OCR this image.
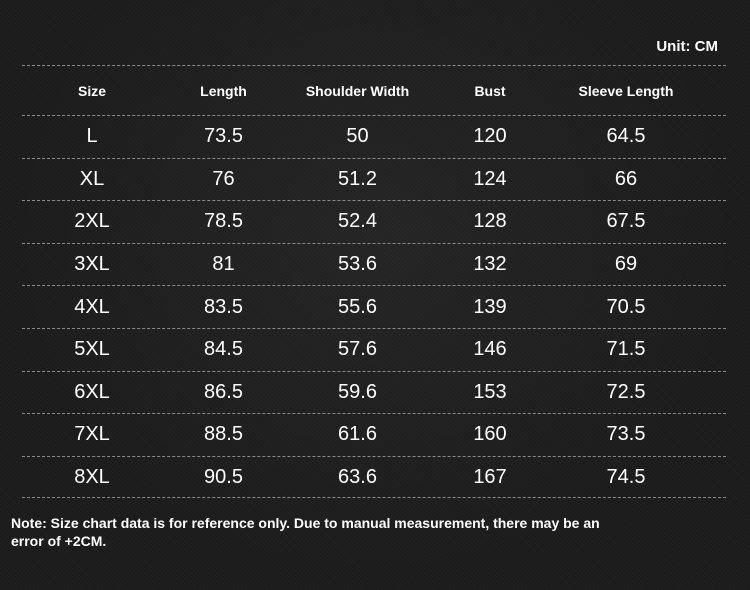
Unit: CM
Size	Length	Shoulder Width	Bust	Sleeve Length
L	73.5	50	120	64.5
XL	76	51.2	124	66
2XL	78.5	52.4	128	67.5
3XL	81	53.6	132	69
4XL	83.5	55.6	139	70.5
5XL	84.5	57.6	146	71.5
6XL	86.5	59.6	153	72.5
7XL	88.5	61.6	160	73.5
8XL	90.5	63.6	167	74.5
Note: Size chart data is for reference only. Due to manual measurement, there may be an error of +2CM.
